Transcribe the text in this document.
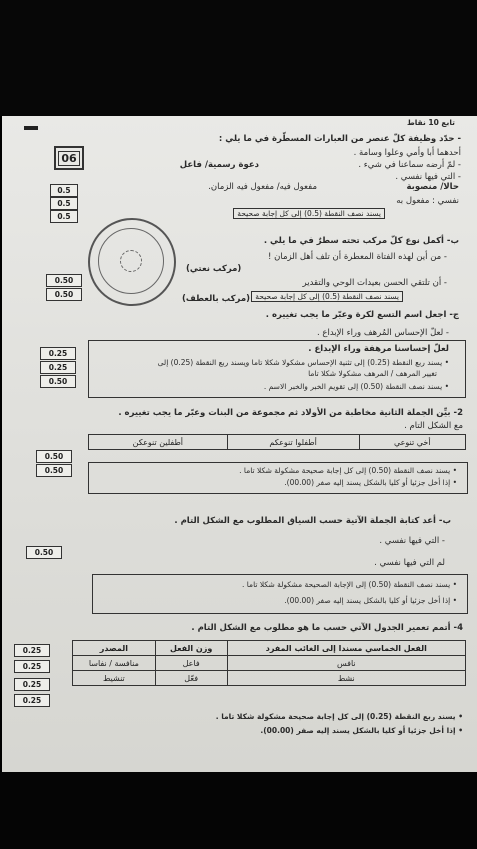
تابع 10 نقاط
06
- حدّد وظيفة كلّ عنصر من العبارات المسطّرة في ما يلي :
أحدهما أبا وأمي وعلوا وسامة .
- لمّ أرضه سماعنا في شيء .
- التي فيها نفسي .
دعوة رسمية/ فاعل
مفعول فيه/ مفعول فيه الزمان.	حالا/ منصوبة
نفسي : مفعول به
يسند نصف النقطة (0.5) إلى كل إجابة صحيحة
0.5
0.5
0.5
ب- أكمل نوع كلّ مركب تحته سطرٌ في ما يلي .
- من أين لهذه الفتاة المعطرة أن تلف أهل الزمان !
(مركب نعتي)
- أن تلتقي الحسن بعيدات الوحي والتقدير
(مركب بالعطف) يسند نصف النقطة (0.5) إلى كل إجابة صحيحة
0.50
0.50
ج- اجعل اسم التسع لكرة وعبّر ما يجب تغييره .
- لعلّ الإحساس المُرهف وراء الإبداع .
لعلّ إحساسنا مرهفة وراء الإبداع .
• يسند ربع النقطة (0.25) إلى تثنية الإحساس مشكولا شكلا تاما ويسند ربع النقطة (0.25) إلى
تغيير المرهف / المرهف مشكولا شكلا تاما
• يسند نصف النقطة (0.50) إلى تقويم الخبر والخبر الاسم .
0.25
0.25
0.50
2- بيِّن الجملة الثانية مخاطبة من الأولاد ثم مجموعة من البنات وعبّر ما يجب تغييره .
مع الشكل التام .
أخي تنوعي	أطفلوا تنوعكم	أطفلين تنوعكن
• يسند نصف النقطة (0.50) إلى كل إجابة صحيحة مشكولة شكلا تاما .
• إذا أخل جزئيا أو كليا بالشكل يسند إليه صفر (00.00).
0.50
0.50
ب- أعد كتابة الجملة الآتية حسب السياق المطلوب مع الشكل التام .
- التي فيها نفسي .
لم التي فيها نفسي .
• يسند نصف النقطة (0.50) إلى الإجابة الصحيحة مشكولة شكلا تاما .
• إذا أخل جزئيا أو كليا بالشكل يسند إليه صفر (00.00).
0.50
4- أتمم تعمير الجدول الآتي حسب ما هو مطلوب مع الشكل التام .
الفعل الخماسي مسندا إلى الغائب المفرد	وزن الفعل	المصدر
نافس	فاعل	منافسة / نفاسا
نشط	فعّل	تنشيط
• يسند ربع النقطة (0.25) إلى كل إجابة صحيحة مشكولة شكلا تاما .
• إذا أخل جزئيا أو كليا بالشكل يسند إليه صفر (00.00).
0.25
0.25
0.25
0.25
